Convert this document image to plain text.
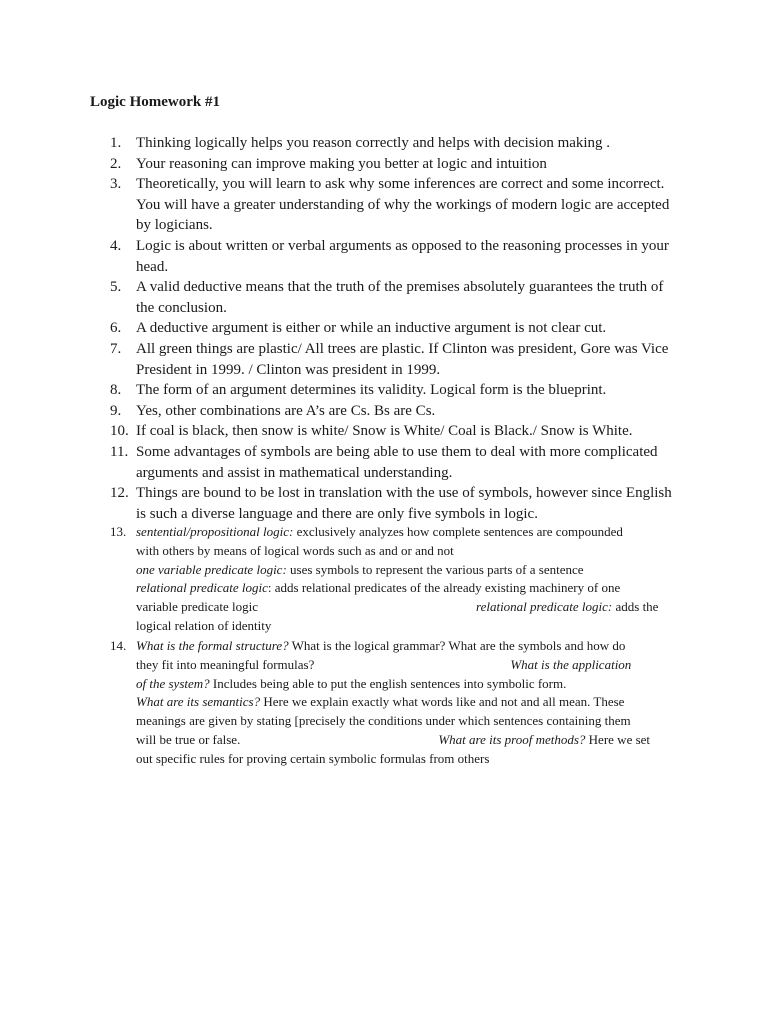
Logic Homework #1
1. Thinking logically helps you reason correctly and helps with decision making .
2. Your reasoning can improve making you better at logic and intuition
3. Theoretically, you will learn to ask why some inferences are correct and some incorrect.
You will have a greater understanding of why the workings of modern logic are accepted
by logicians.
4. Logic is about written or verbal arguments as opposed to the reasoning processes in your
head.
5. A valid deductive means that the truth of the premises absolutely guarantees the truth of
the conclusion.
6. A deductive argument is either or while an inductive argument is not clear cut.
7. All green things are plastic/ All trees are plastic. If Clinton was president, Gore was Vice
President in 1999. / Clinton was president in 1999.
8. The form of an argument determines its validity. Logical form is the blueprint.
9. Yes, other combinations are A’s are Cs. Bs are Cs.
10. If coal is black, then snow is white/ Snow is White/ Coal is Black./ Snow is White.
11. Some advantages of symbols are being able to use them to deal with more complicated
arguments and assist in mathematical understanding.
12. Things are bound to be lost in translation with the use of symbols, however since English
is such a diverse language and there are only five symbols in logic.
13. sentential/propositional logic: exclusively analyzes how complete sentences are compounded
with others by means of logical words such as and or and not
one variable predicate logic: uses symbols to represent the various parts of a sentence
relational predicate logic: adds relational predicates of the already existing machinery of one
variable predicate logic	relational predicate logic: adds the
logical relation of identity
14. What is the formal structure? What is the logical grammar? What are the symbols and how do
they fit into meaningful formulas?	What is the application
of the system? Includes being able to put the english sentences into symbolic form.
What are its semantics? Here we explain exactly what words like and not and all mean. These
meanings are given by stating [precisely the conditions under which sentences containing them
will be true or false.	What are its proof methods? Here we set
out specific rules for proving certain symbolic formulas from others
